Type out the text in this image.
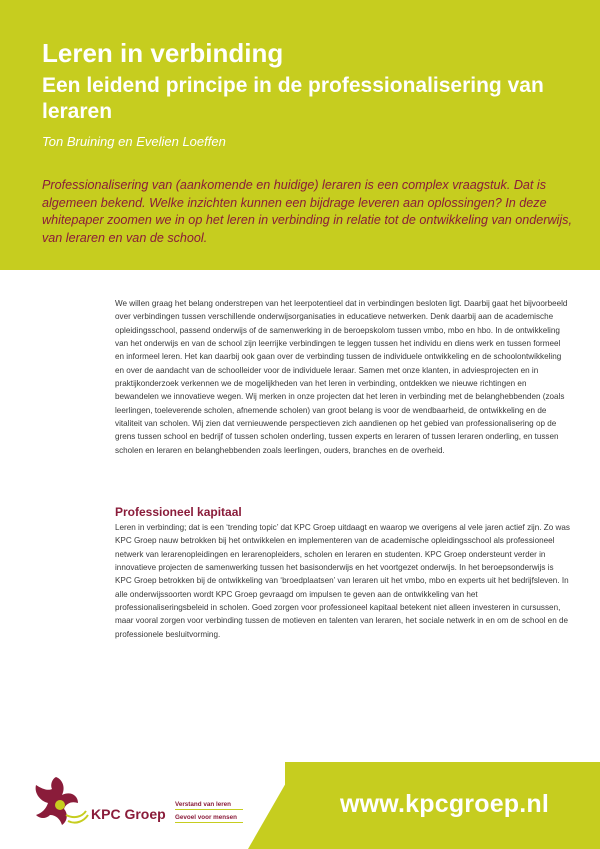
Leren in verbinding
Een leidend principe in de professionalisering van leraren
Ton Bruining en Evelien Loeffen

Professionalisering van (aankomende en huidige) leraren is een complex vraagstuk. Dat is algemeen bekend. Welke inzichten kunnen een bijdrage leveren aan oplossingen? In deze whitepaper zoomen we in op het leren in verbinding in relatie tot de ontwikkeling van onderwijs, van leraren en van de school.

We willen graag het belang onderstrepen van het leerpotentieel dat in verbindingen besloten ligt. Daarbij gaat het bijvoorbeeld over verbindingen tussen verschillende onderwijsorganisaties in educatieve netwerken. Denk daarbij aan de academische opleidingsschool, passend onderwijs of de samenwerking in de beroepskolom tussen vmbo, mbo en hbo. In de ontwikkeling van het onderwijs en van de school zijn leerrijke verbindingen te leggen tussen het individu en diens werk en tussen formeel en informeel leren. Het kan daarbij ook gaan over de verbinding tussen de individuele ontwikkeling en de schoolontwikkeling en over de aandacht van de schoolleider voor de individuele leraar. Samen met onze klanten, in adviesprojecten en in praktijkonderzoek verkennen we de mogelijkheden van het leren in verbinding, ontdekken we nieuwe richtingen en bewandelen we innovatieve wegen. Wij merken in onze projecten dat het leren in verbinding met de belanghebbenden (zoals leerlingen, toeleverende scholen, afnemende scholen) van groot belang is voor de wendbaarheid, de ontwikkeling en de vitaliteit van scholen. Wij zien dat vernieuwende perspectieven zich aandienen op het gebied van professionalisering op de grens tussen school en bedrijf of tussen scholen onderling, tussen experts en leraren of tussen leraren onderling, en tussen scholen en leraren en belanghebbenden zoals leerlingen, ouders, branches en de overheid.

Professioneel kapitaal

Leren in verbinding; dat is een ‘trending topic’ dat KPC Groep uitdaagt en waarop we overigens al vele jaren actief zijn. Zo was KPC Groep nauw betrokken bij het ontwikkelen en implementeren van de academische opleidingsschool als professioneel netwerk van lerarenopleidingen en lerarenopleiders, scholen en leraren en studenten. KPC Groep ondersteunt verder in innovatieve projecten de samenwerking tussen het basisonderwijs en het voortgezet onderwijs. In het beroepsonderwijs is KPC Groep betrokken bij de ontwikkeling van ‘broedplaatsen’ van leraren uit het vmbo, mbo en experts uit het bedrijfsleven. In alle onderwijssoorten wordt KPC Groep gevraagd om impulsen te geven aan de ontwikkeling van het professionaliseringsbeleid in scholen. Goed zorgen voor professioneel kapitaal betekent niet alleen investeren in cursussen, maar vooral zorgen voor verbinding tussen de motieven en talenten van leraren, het sociale netwerk in en om de school en de professionele besluitvorming.

www.kpcgroep.nl
KPC Groep
Verstand van leren
Gevoel voor mensen
